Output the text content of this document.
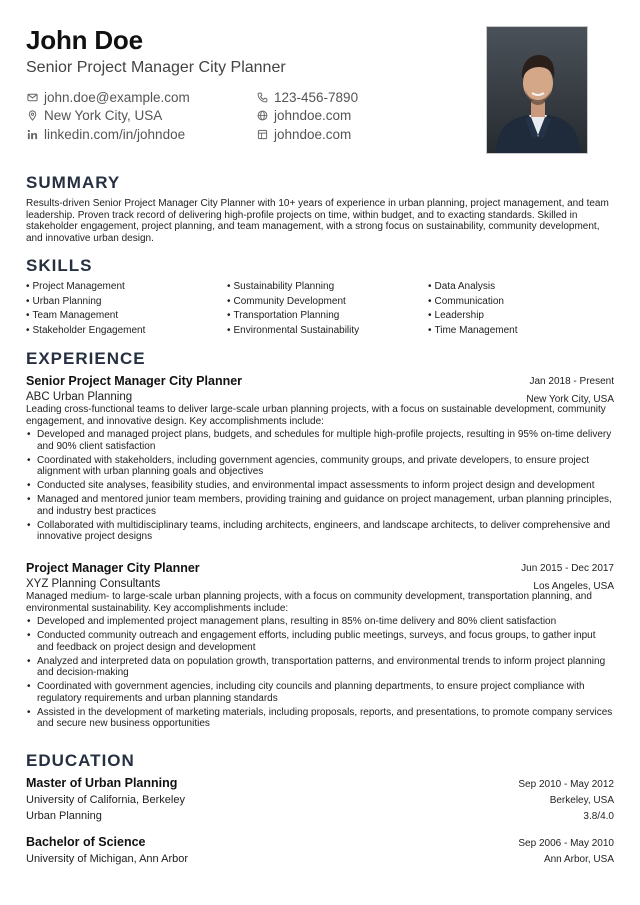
John Doe
Senior Project Manager City Planner
john.doe@example.com
New York City, USA
linkedin.com/in/johndoe
123-456-7890
johndoe.com
johndoe.com
SUMMARY
Results-driven Senior Project Manager City Planner with 10+ years of experience in urban planning, project management, and team leadership. Proven track record of delivering high-profile projects on time, within budget, and to exacting standards. Skilled in stakeholder engagement, project planning, and team management, with a strong focus on sustainability, community development, and innovative urban design.
SKILLS
• Project Management	• Sustainability Planning	• Data Analysis
• Urban Planning	• Community Development	• Communication
• Team Management	• Transportation Planning	• Leadership
• Stakeholder Engagement	• Environmental Sustainability	• Time Management
EXPERIENCE
Senior Project Manager City Planner	Jan 2018 - Present
ABC Urban Planning	New York City, USA
Leading cross-functional teams to deliver large-scale urban planning projects, with a focus on sustainable development, community engagement, and innovative design. Key accomplishments include:
• Developed and managed project plans, budgets, and schedules for multiple high-profile projects, resulting in 95% on-time delivery and 90% client satisfaction
• Coordinated with stakeholders, including government agencies, community groups, and private developers, to ensure project alignment with urban planning goals and objectives
• Conducted site analyses, feasibility studies, and environmental impact assessments to inform project design and development
• Managed and mentored junior team members, providing training and guidance on project management, urban planning principles, and industry best practices
• Collaborated with multidisciplinary teams, including architects, engineers, and landscape architects, to deliver comprehensive and innovative project designs
Project Manager City Planner	Jun 2015 - Dec 2017
XYZ Planning Consultants	Los Angeles, USA
Managed medium- to large-scale urban planning projects, with a focus on community development, transportation planning, and environmental sustainability. Key accomplishments include:
• Developed and implemented project management plans, resulting in 85% on-time delivery and 80% client satisfaction
• Conducted community outreach and engagement efforts, including public meetings, surveys, and focus groups, to gather input and feedback on project design and development
• Analyzed and interpreted data on population growth, transportation patterns, and environmental trends to inform project planning and decision-making
• Coordinated with government agencies, including city councils and planning departments, to ensure project compliance with regulatory requirements and urban planning standards
• Assisted in the development of marketing materials, including proposals, reports, and presentations, to promote company services and secure new business opportunities
EDUCATION
Master of Urban Planning	Sep 2010 - May 2012
University of California, Berkeley	Berkeley, USA
Urban Planning	3.8/4.0
Bachelor of Science	Sep 2006 - May 2010
University of Michigan, Ann Arbor	Ann Arbor, USA
